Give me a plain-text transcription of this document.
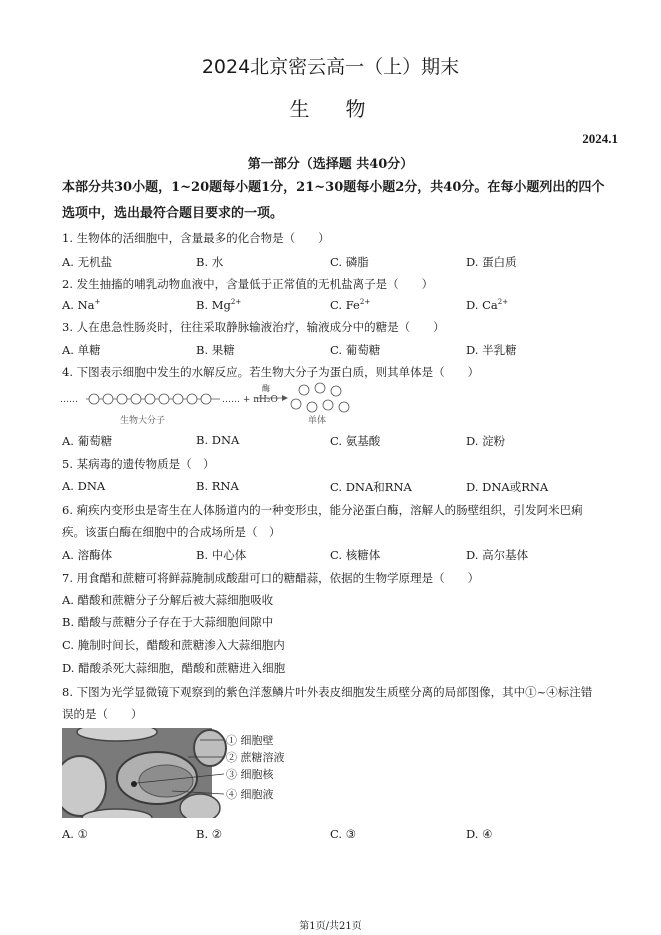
2024北京密云高一（上）期末
生物
2024.1
第一部分（选择题 共40分）
本部分共30小题，1~20题每小题1分，21~30题每小题2分，共40分。在每小题列出的四个选项中，选出最符合题目要求的一项。
1. 生物体的活细胞中，含量最多的化合物是（　　）
A. 无机盐	B. 水	C. 磷脂	D. 蛋白质
2. 发生抽搐的哺乳动物血液中，含量低于正常值的无机盐离子是（　　）
A. Na+	B. $Mg^{2+}$	C. $Fe^{2+}$	D. $Ca^{2+}$
3. 人在患急性肠炎时，往往采取静脉输液治疗，输液成分中的糖是（　　）
A. 单糖	B. 果糖	C. 葡萄糖	D. 半乳糖
4. 下图表示细胞中发生的水解反应。若生物大分子为蛋白质，则其单体是（　　）
……	…… + nH₂O
酶
生物大分子	单体
A. 葡萄糖	B. DNA	C. 氨基酸	D. 淀粉
5. 某病毒的遗传物质是（　）
A. DNA	B. RNA	C. DNA和RNA	D. DNA或RNA
6. 痢疾内变形虫是寄生在人体肠道内的一种变形虫，能分泌蛋白酶，溶解人的肠壁组织，引发阿米巴痢
疾。该蛋白酶在细胞中的合成场所是（　）
A. 溶酶体	B. 中心体	C. 核糖体	D. 高尔基体
7. 用食醋和蔗糖可将鲜蒜腌制成酸甜可口的糖醋蒜，依据的生物学原理是（　　）
A. 醋酸和蔗糖分子分解后被大蒜细胞吸收
B. 醋酸与蔗糖分子存在于大蒜细胞间隙中
C. 腌制时间长，醋酸和蔗糖渗入大蒜细胞内
D. 醋酸杀死大蒜细胞，醋酸和蔗糖进入细胞
8. 下图为光学显微镜下观察到的紫色洋葱鳞片叶外表皮细胞发生质壁分离的局部图像，其中①~④标注错
误的是（　　）
① 细胞壁
② 蔗糖溶液
③ 细胞核
④ 细胞液
A. ①	B. ②	C. ③	D. ④
第1页/共21页
